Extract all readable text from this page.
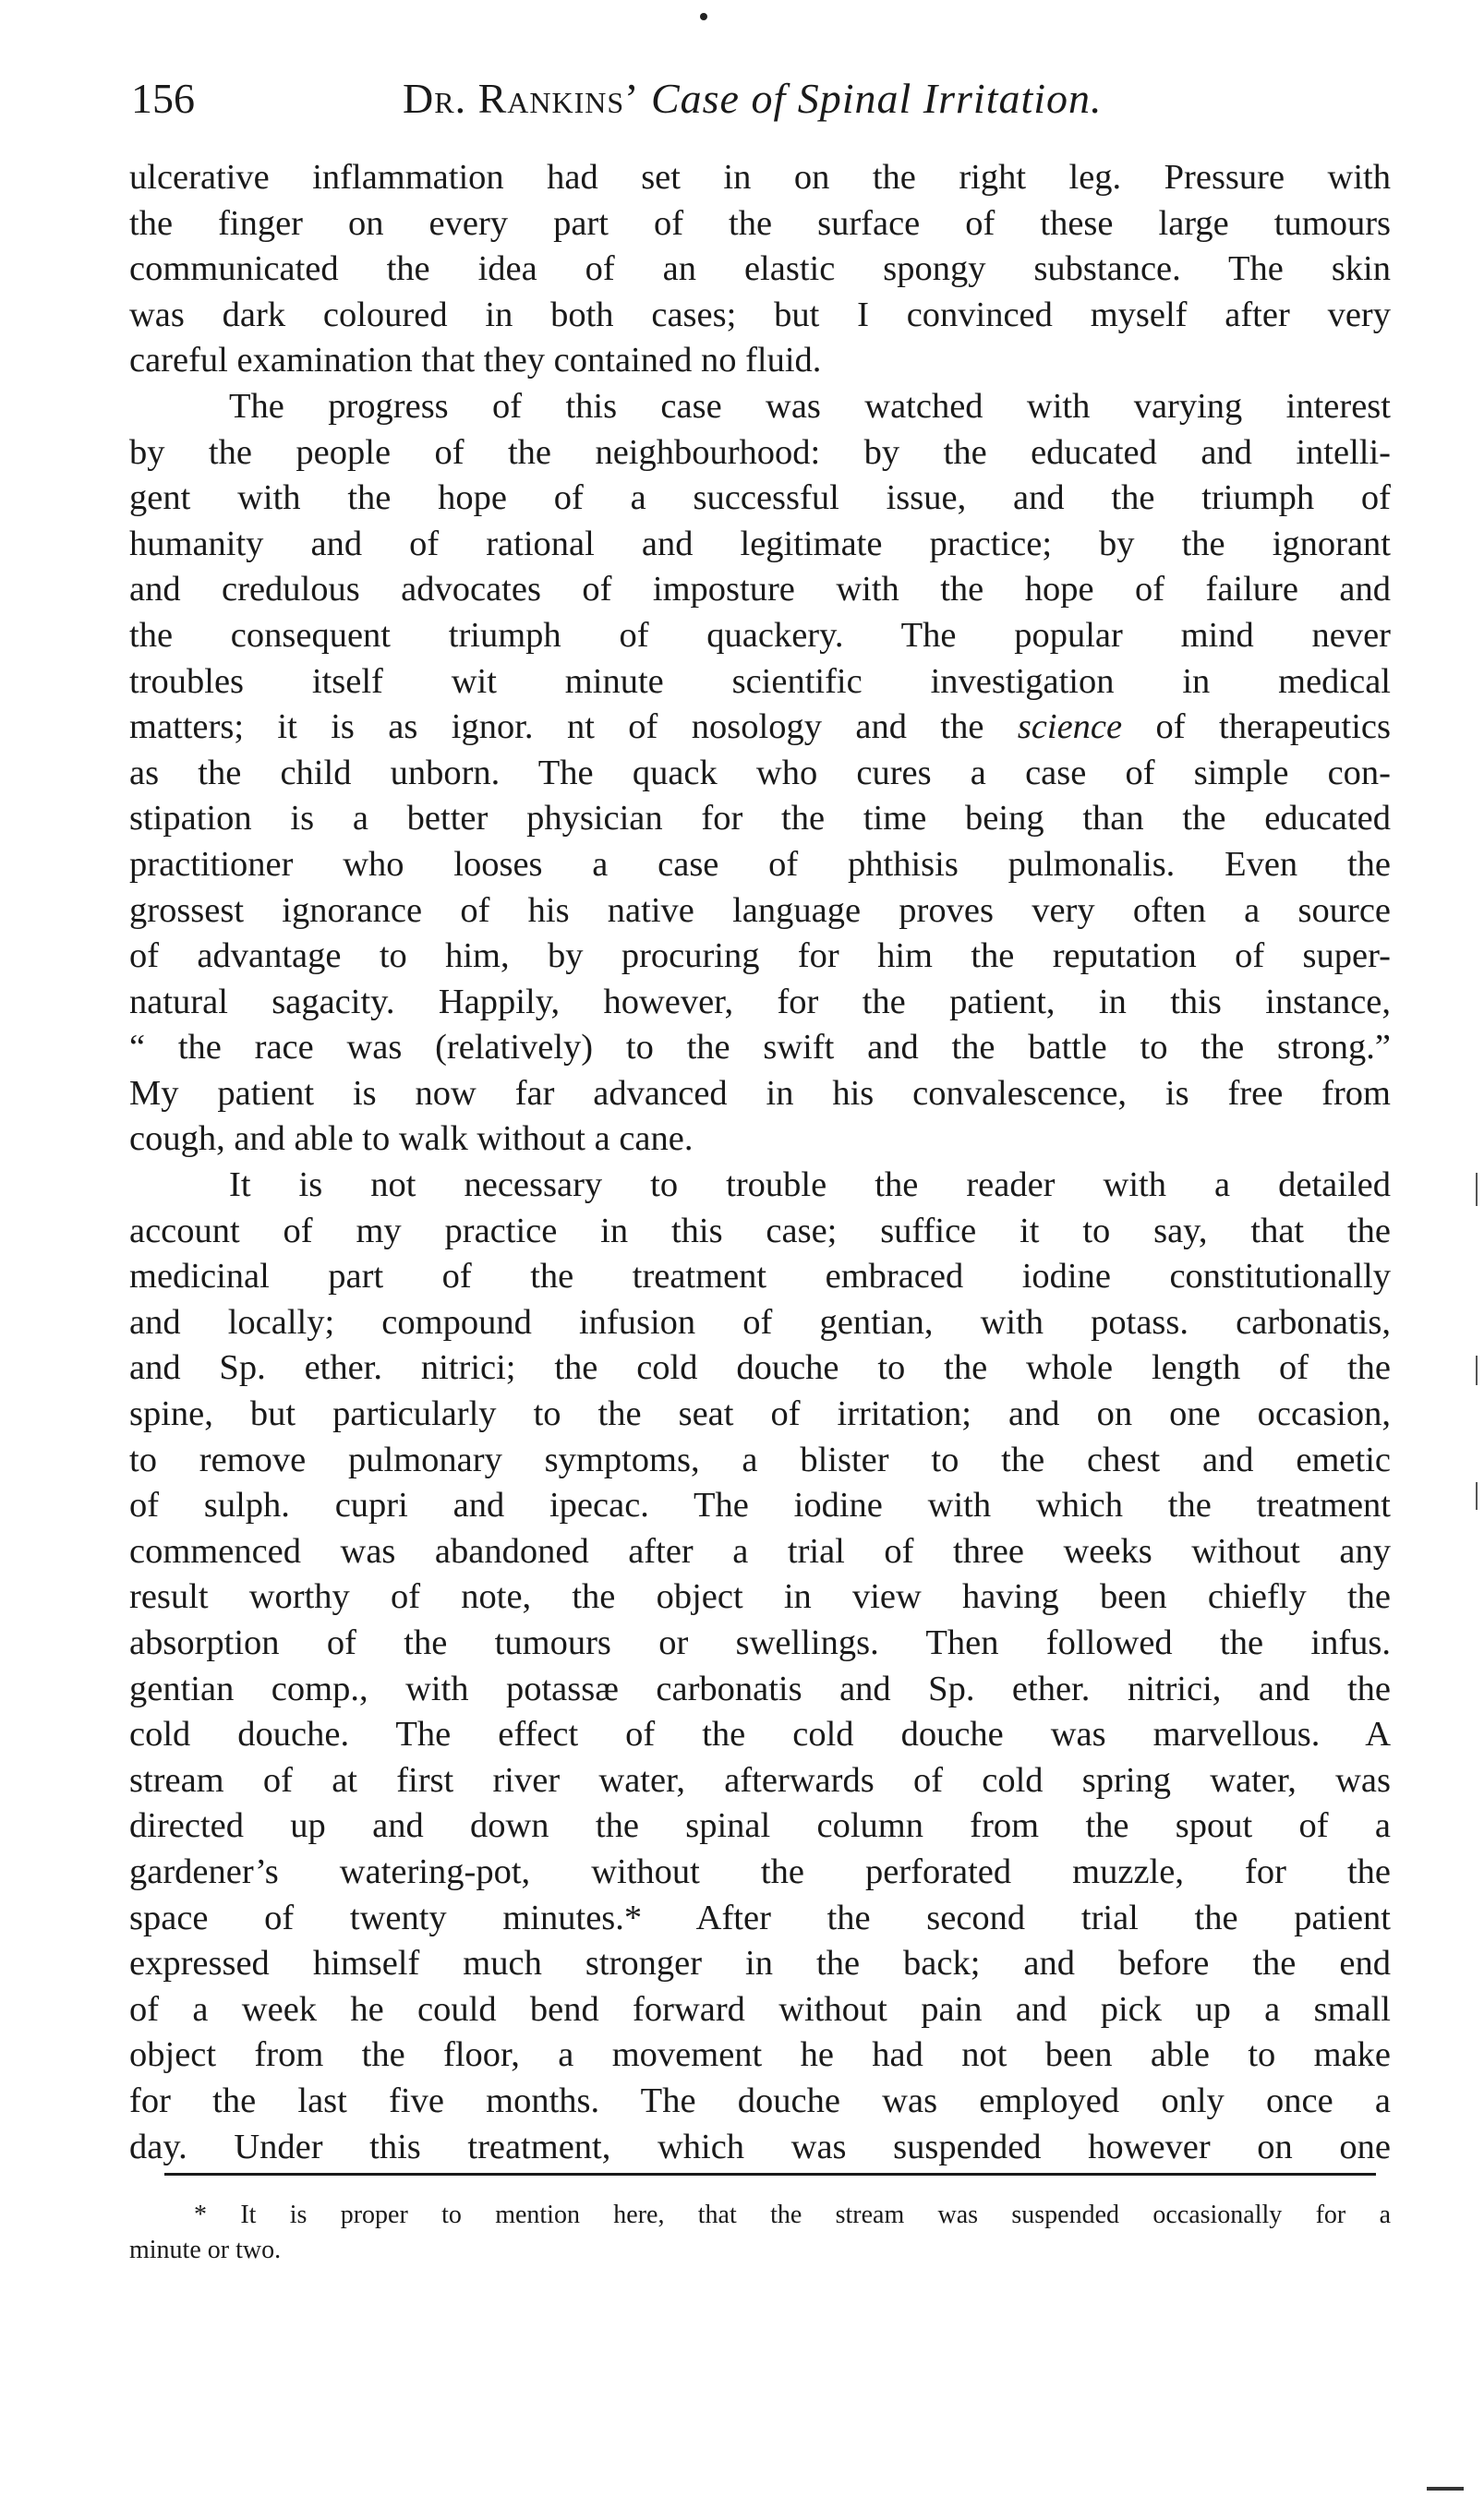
156	Dr. Rankins’ Case of Spinal Irritation.
ulcerative inflammation had set in on the right leg. Pressure with
the finger on every part of the surface of these large tumours
communicated the idea of an elastic spongy substance. The skin
was dark coloured in both cases; but I convinced myself after very
careful examination that they contained no fluid.
The progress of this case was watched with varying interest
by the people of the neighbourhood: by the educated and intelli-
gent with the hope of a successful issue, and the triumph of
humanity and of rational and legitimate practice; by the ignorant
and credulous advocates of imposture with the hope of failure and
the consequent triumph of quackery. The popular mind never
troubles itself wit minute scientific investigation in medical
matters; it is as ignor. nt of nosology and the science of therapeutics
as the child unborn. The quack who cures a case of simple con-
stipation is a better physician for the time being than the educated
practitioner who looses a case of phthisis pulmonalis. Even the
grossest ignorance of his native language proves very often a source
of advantage to him, by procuring for him the reputation of super-
natural sagacity. Happily, however, for the patient, in this instance,
“ the race was (relatively) to the swift and the battle to the strong.”
My patient is now far advanced in his convalescence, is free from
cough, and able to walk without a cane.
It is not necessary to trouble the reader with a detailed
account of my practice in this case; suffice it to say, that the
medicinal part of the treatment embraced iodine constitutionally
and locally; compound infusion of gentian, with potass. carbonatis,
and Sp. ether. nitrici; the cold douche to the whole length of the
spine, but particularly to the seat of irritation; and on one occasion,
to remove pulmonary symptoms, a blister to the chest and emetic
of sulph. cupri and ipecac. The iodine with which the treatment
commenced was abandoned after a trial of three weeks without any
result worthy of note, the object in view having been chiefly the
absorption of the tumours or swellings. Then followed the infus.
gentian comp., with potassæ carbonatis and Sp. ether. nitrici, and the
cold douche. The effect of the cold douche was marvellous. A
stream of at first river water, afterwards of cold spring water, was
directed up and down the spinal column from the spout of a
gardener’s watering-pot, without the perforated muzzle, for the
space of twenty minutes.* After the second trial the patient
expressed himself much stronger in the back; and before the end
of a week he could bend forward without pain and pick up a small
object from the floor, a movement he had not been able to make
for the last five months. The douche was employed only once a
day. Under this treatment, which was suspended however on one
* It is proper to mention here, that the stream was suspended occasionally for a
minute or two.
